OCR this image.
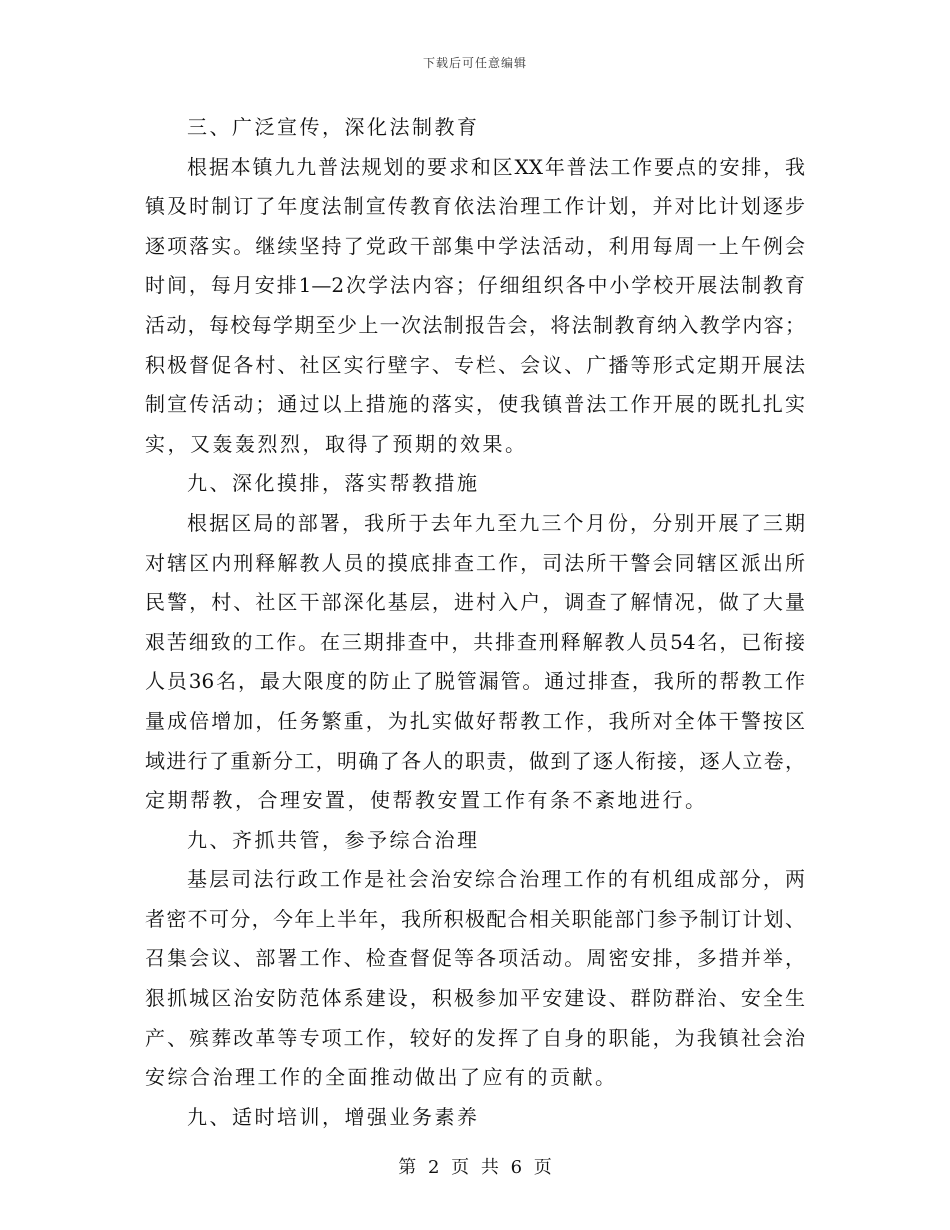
下载后可任意编辑
三、广泛宣传，深化法制教育
根据本镇九九普法规划的要求和区XX年普法工作要点的安排，我
镇及时制订了年度法制宣传教育依法治理工作计划，并对比计划逐步
逐项落实。继续坚持了党政干部集中学法活动，利用每周一上午例会
时间，每月安排1—2次学法内容；仔细组织各中小学校开展法制教育
活动，每校每学期至少上一次法制报告会，将法制教育纳入教学内容；
积极督促各村、社区实行壁字、专栏、会议、广播等形式定期开展法
制宣传活动；通过以上措施的落实，使我镇普法工作开展的既扎扎实
实，又轰轰烈烈，取得了预期的效果。
九、深化摸排，落实帮教措施
根据区局的部署，我所于去年九至九三个月份，分别开展了三期
对辖区内刑释解教人员的摸底排查工作，司法所干警会同辖区派出所
民警，村、社区干部深化基层，进村入户，调查了解情况，做了大量
艰苦细致的工作。在三期排查中，共排查刑释解教人员54名，已衔接
人员36名，最大限度的防止了脱管漏管。通过排查，我所的帮教工作
量成倍增加，任务繁重，为扎实做好帮教工作，我所对全体干警按区
域进行了重新分工，明确了各人的职责，做到了逐人衔接，逐人立卷，
定期帮教，合理安置，使帮教安置工作有条不紊地进行。
九、齐抓共管，参予综合治理
基层司法行政工作是社会治安综合治理工作的有机组成部分，两
者密不可分，今年上半年，我所积极配合相关职能部门参予制订计划、
召集会议、部署工作、检查督促等各项活动。周密安排，多措并举，
狠抓城区治安防范体系建设，积极参加平安建设、群防群治、安全生
产、殡葬改革等专项工作，较好的发挥了自身的职能，为我镇社会治
安综合治理工作的全面推动做出了应有的贡献。
九、适时培训，增强业务素养
第 2 页 共 6 页
